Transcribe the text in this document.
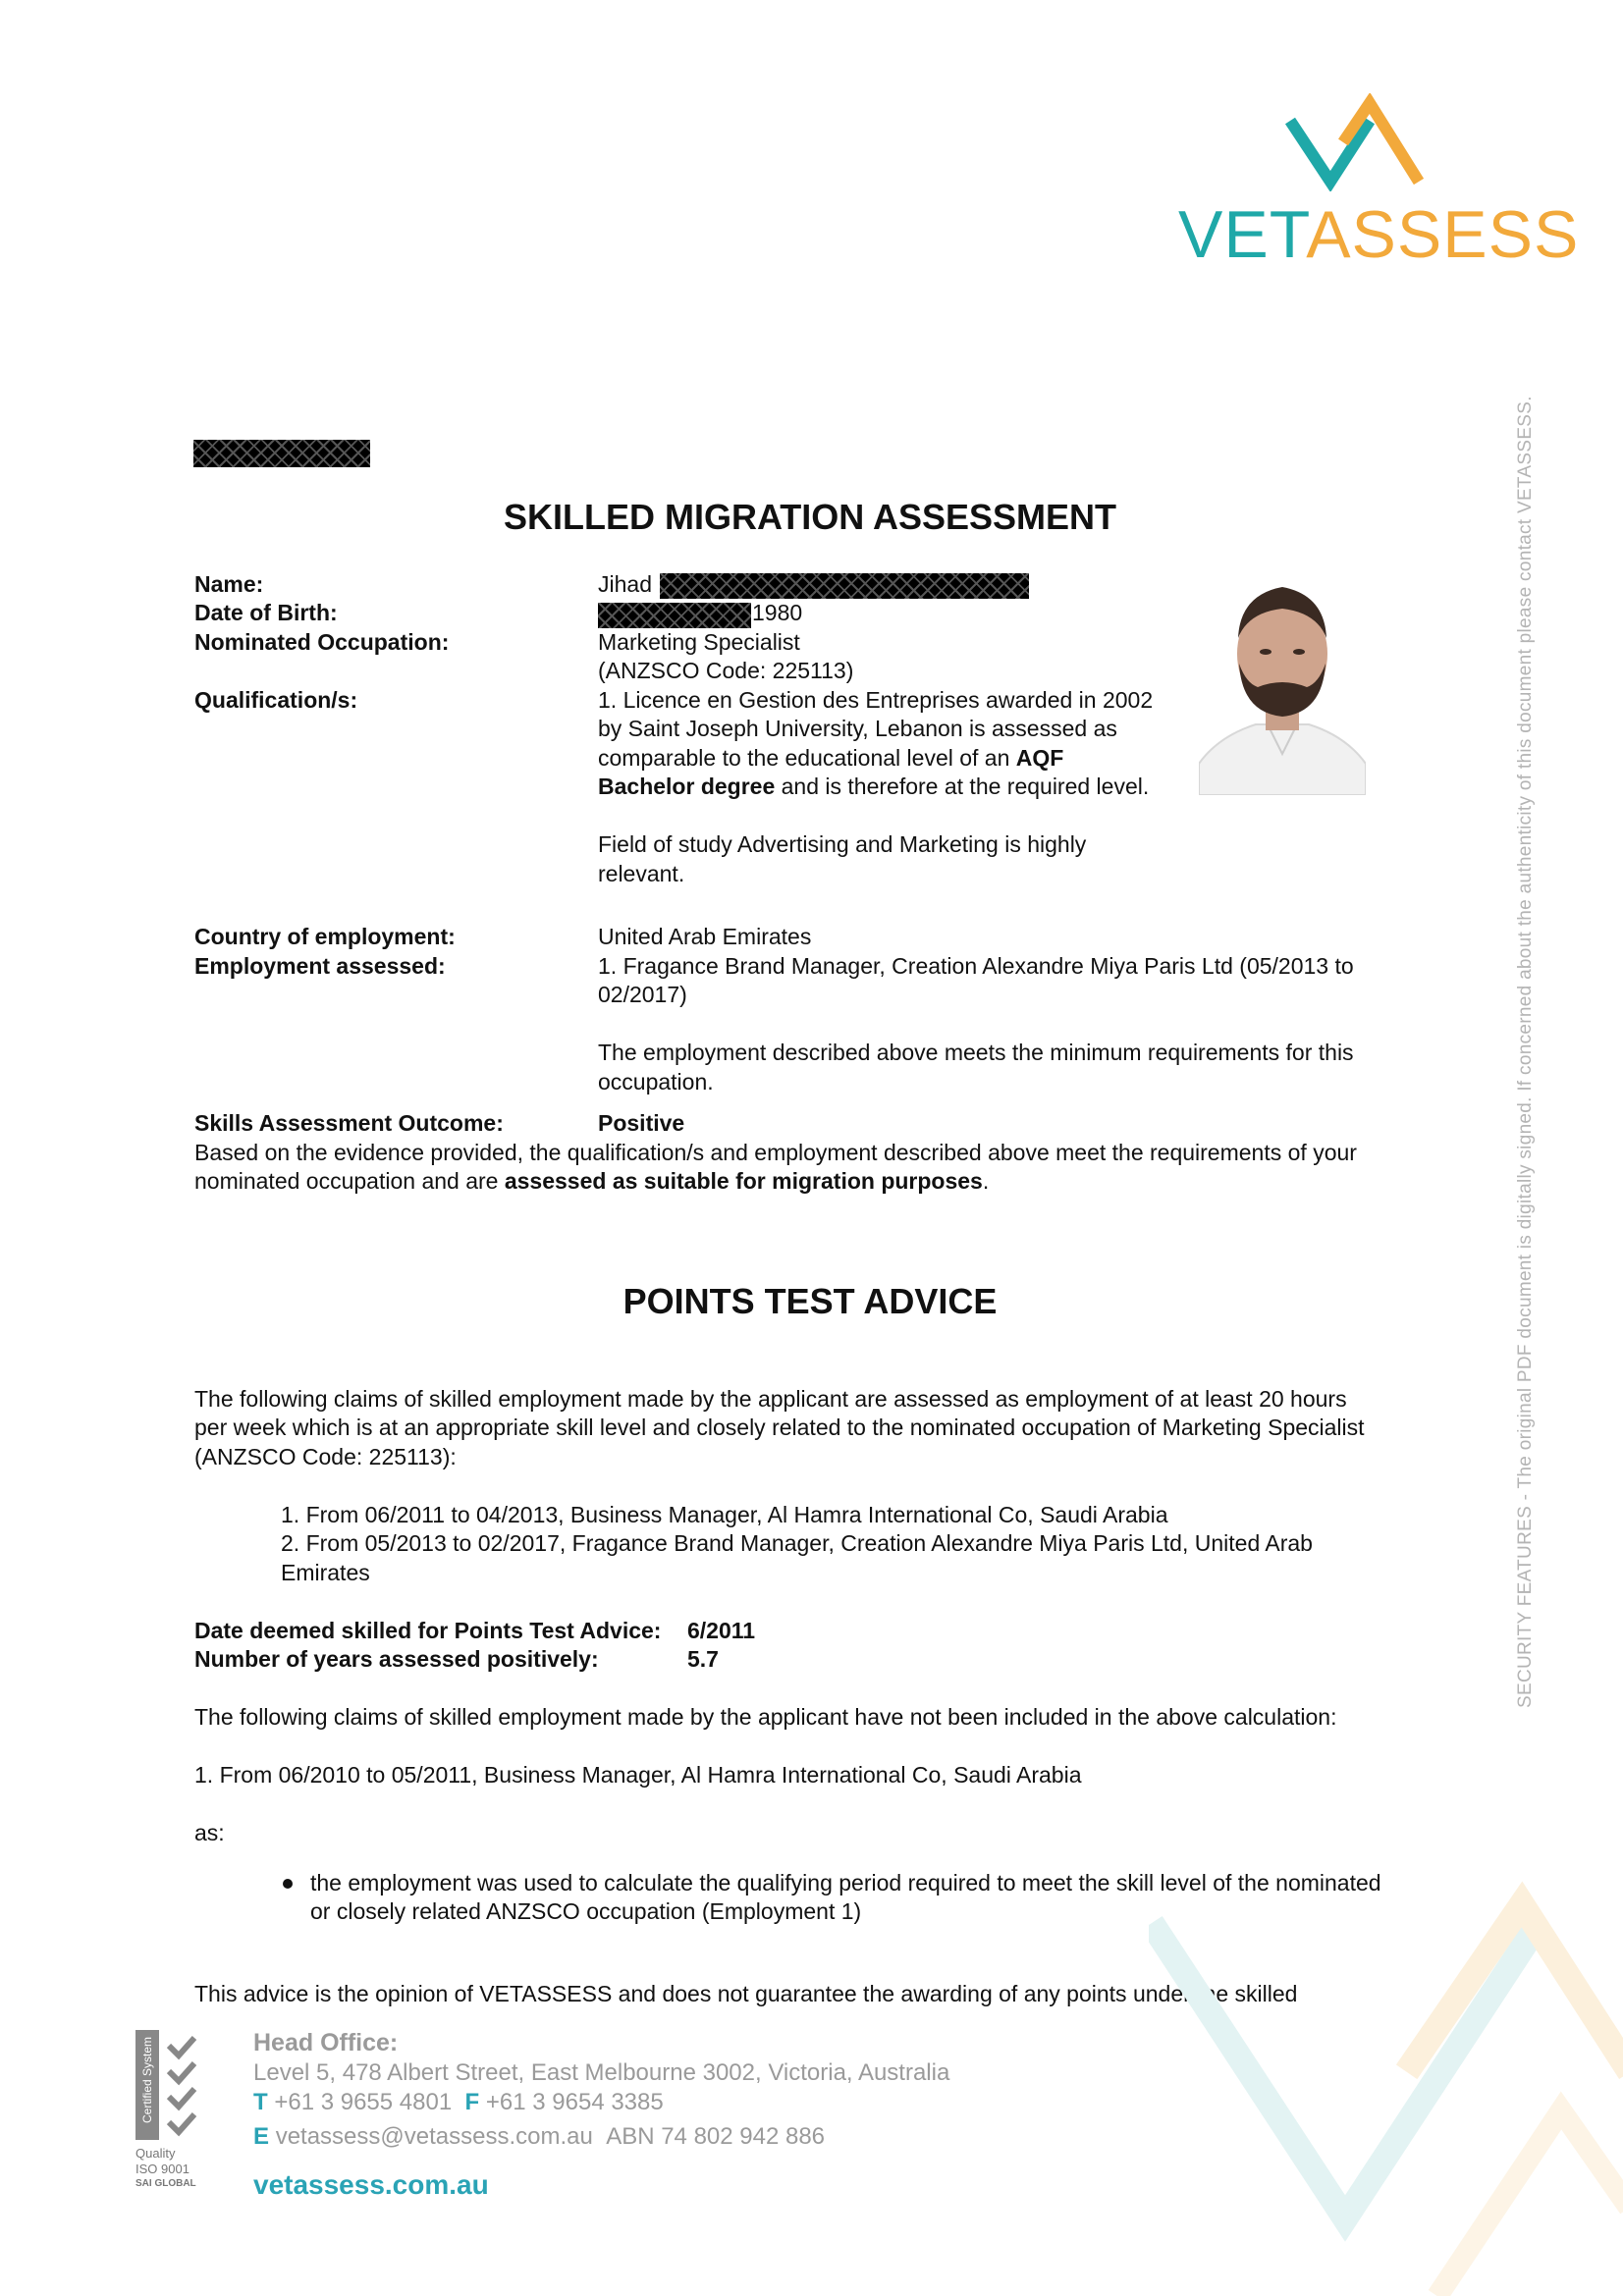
VETASSESS
SECURITY FEATURES - The original PDF document is digitally signed. If concerned about the authenticity of this document please contact VETASSESS.
SKILLED MIGRATION ASSESSMENT
Name:
Date of Birth:
Nominated Occupation:
Qualification/s:
Jihad
1980
Marketing Specialist
(ANZSCO Code: 225113)
1. Licence en Gestion des Entreprises awarded in 2002
by Saint Joseph University, Lebanon is assessed as
comparable to the educational level of an AQF
Bachelor degree and is therefore at the required level.
Field of study Advertising and Marketing is highly
relevant.
Country of employment:
Employment assessed:
United Arab Emirates
1. Fragance Brand Manager, Creation Alexandre Miya Paris Ltd (05/2013 to
02/2017)
The employment described above meets the minimum requirements for this
occupation.
Skills Assessment Outcome:	Positive
Based on the evidence provided, the qualification/s and employment described above meet the requirements of your
nominated occupation and are assessed as suitable for migration purposes.
POINTS TEST ADVICE
The following claims of skilled employment made by the applicant are assessed as employment of at least 20 hours
per week which is at an appropriate skill level and closely related to the nominated occupation of Marketing Specialist
(ANZSCO Code: 225113):
1. From 06/2011 to 04/2013, Business Manager, Al Hamra International Co, Saudi Arabia
2. From 05/2013 to 02/2017, Fragance Brand Manager, Creation Alexandre Miya Paris Ltd, United Arab
Emirates
Date deemed skilled for Points Test Advice: 6/2011
Number of years assessed positively:	5.7
The following claims of skilled employment made by the applicant have not been included in the above calculation:
1. From 06/2010 to 05/2011, Business Manager, Al Hamra International Co, Saudi Arabia
as:
the employment was used to calculate the qualifying period required to meet the skill level of the nominated
or closely related ANZSCO occupation (Employment 1)
This advice is the opinion of VETASSESS and does not guarantee the awarding of any points under the skilled
Certified System
Quality
ISO 9001
SAI GLOBAL
Head Office:
Level 5, 478 Albert Street, East Melbourne 3002, Victoria, Australia
T +61 3 9655 4801 F +61 3 9654 3385
E vetassess@vetassess.com.au ABN 74 802 942 886
vetassess.com.au
